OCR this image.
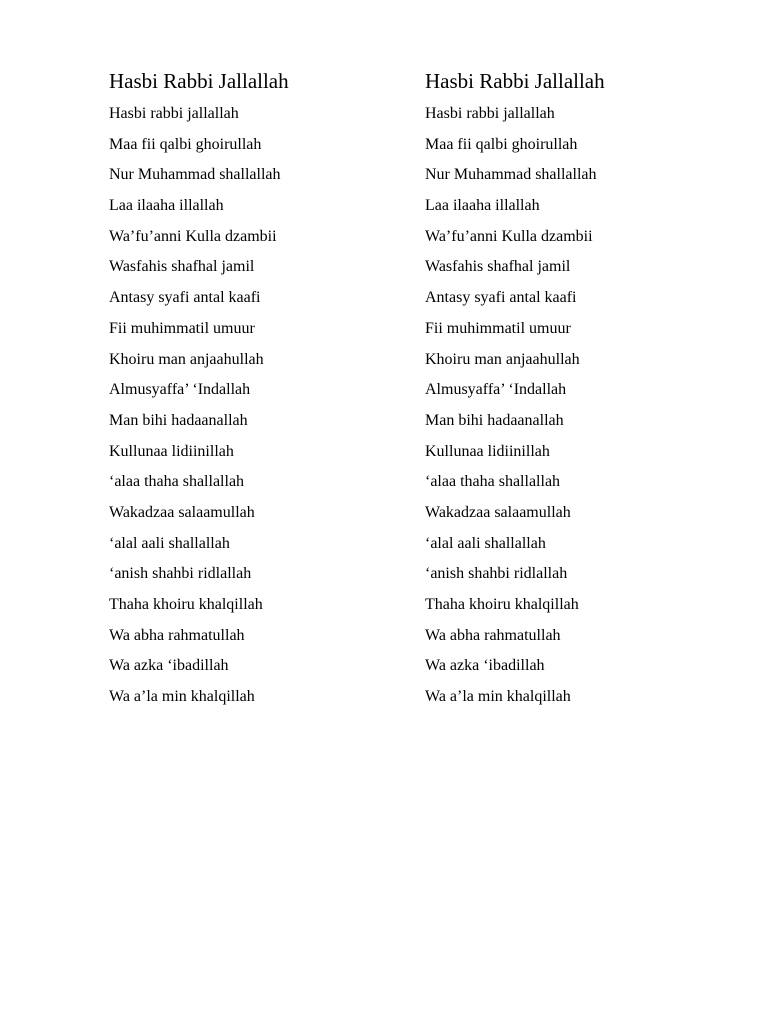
Hasbi Rabbi Jallallah
Hasbi rabbi jallallah
Maa fii qalbi ghoirullah
Nur Muhammad shallallah
Laa ilaaha illallah
Wa’fu’anni Kulla dzambii
Wasfahis shafhal jamil
Antasy syafi antal kaafi
Fii muhimmatil umuur
Khoiru man anjaahullah
Almusyaffa’ ‘Indallah
Man bihi hadaanallah
Kullunaa lidiinillah
‘alaa thaha shallallah
Wakadzaa salaamullah
‘alal aali shallallah
‘anish shahbi ridlallah
Thaha khoiru khalqillah
Wa abha rahmatullah
Wa azka ‘ibadillah
Wa a’la min khalqillah
Hasbi Rabbi Jallallah
Hasbi rabbi jallallah
Maa fii qalbi ghoirullah
Nur Muhammad shallallah
Laa ilaaha illallah
Wa’fu’anni Kulla dzambii
Wasfahis shafhal jamil
Antasy syafi antal kaafi
Fii muhimmatil umuur
Khoiru man anjaahullah
Almusyaffa’ ‘Indallah
Man bihi hadaanallah
Kullunaa lidiinillah
‘alaa thaha shallallah
Wakadzaa salaamullah
‘alal aali shallallah
‘anish shahbi ridlallah
Thaha khoiru khalqillah
Wa abha rahmatullah
Wa azka ‘ibadillah
Wa a’la min khalqillah
